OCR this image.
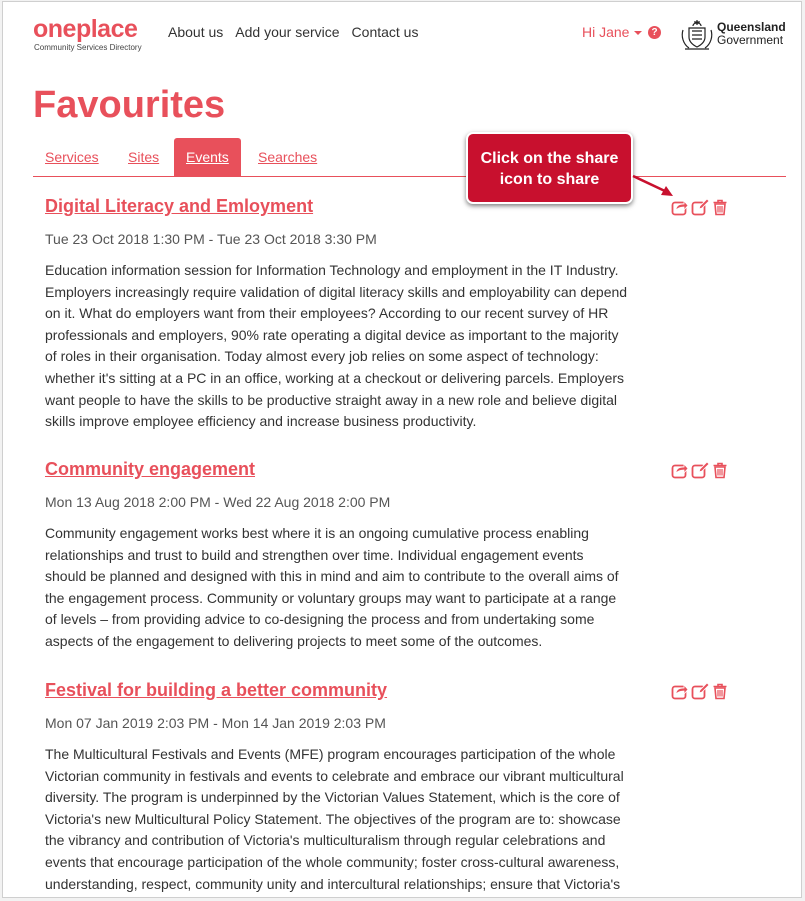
oneplace
Community Services Directory
About us Add your service Contact us	Hi Jane	?	Queensland
Government
Favourites
Services	Sites	Events	Searches	Click on the share
icon to share
Digital Literacy and Emloyment
Tue 23 Oct 2018 1:30 PM - Tue 23 Oct 2018 3:30 PM
Education information session for Information Technology and employment in the IT Industry.
Employers increasingly require validation of digital literacy skills and employability can depend
on it. What do employers want from their employees? According to our recent survey of HR
professionals and employers, 90% rate operating a digital device as important to the majority
of roles in their organisation. Today almost every job relies on some aspect of technology:
whether it's sitting at a PC in an office, working at a checkout or delivering parcels. Employers
want people to have the skills to be productive straight away in a new role and believe digital
skills improve employee efficiency and increase business productivity.
Community engagement
Mon 13 Aug 2018 2:00 PM - Wed 22 Aug 2018 2:00 PM
Community engagement works best where it is an ongoing cumulative process enabling
relationships and trust to build and strengthen over time. Individual engagement events
should be planned and designed with this in mind and aim to contribute to the overall aims of
the engagement process. Community or voluntary groups may want to participate at a range
of levels – from providing advice to co-designing the process and from undertaking some
aspects of the engagement to delivering projects to meet some of the outcomes.
Festival for building a better community
Mon 07 Jan 2019 2:03 PM - Mon 14 Jan 2019 2:03 PM
The Multicultural Festivals and Events (MFE) program encourages participation of the whole
Victorian community in festivals and events to celebrate and embrace our vibrant multicultural
diversity. The program is underpinned by the Victorian Values Statement, which is the core of
Victoria's new Multicultural Policy Statement. The objectives of the program are to: showcase
the vibrancy and contribution of Victoria's multiculturalism through regular celebrations and
events that encourage participation of the whole community; foster cross-cultural awareness,
understanding, respect, community unity and intercultural relationships; ensure that Victoria's
